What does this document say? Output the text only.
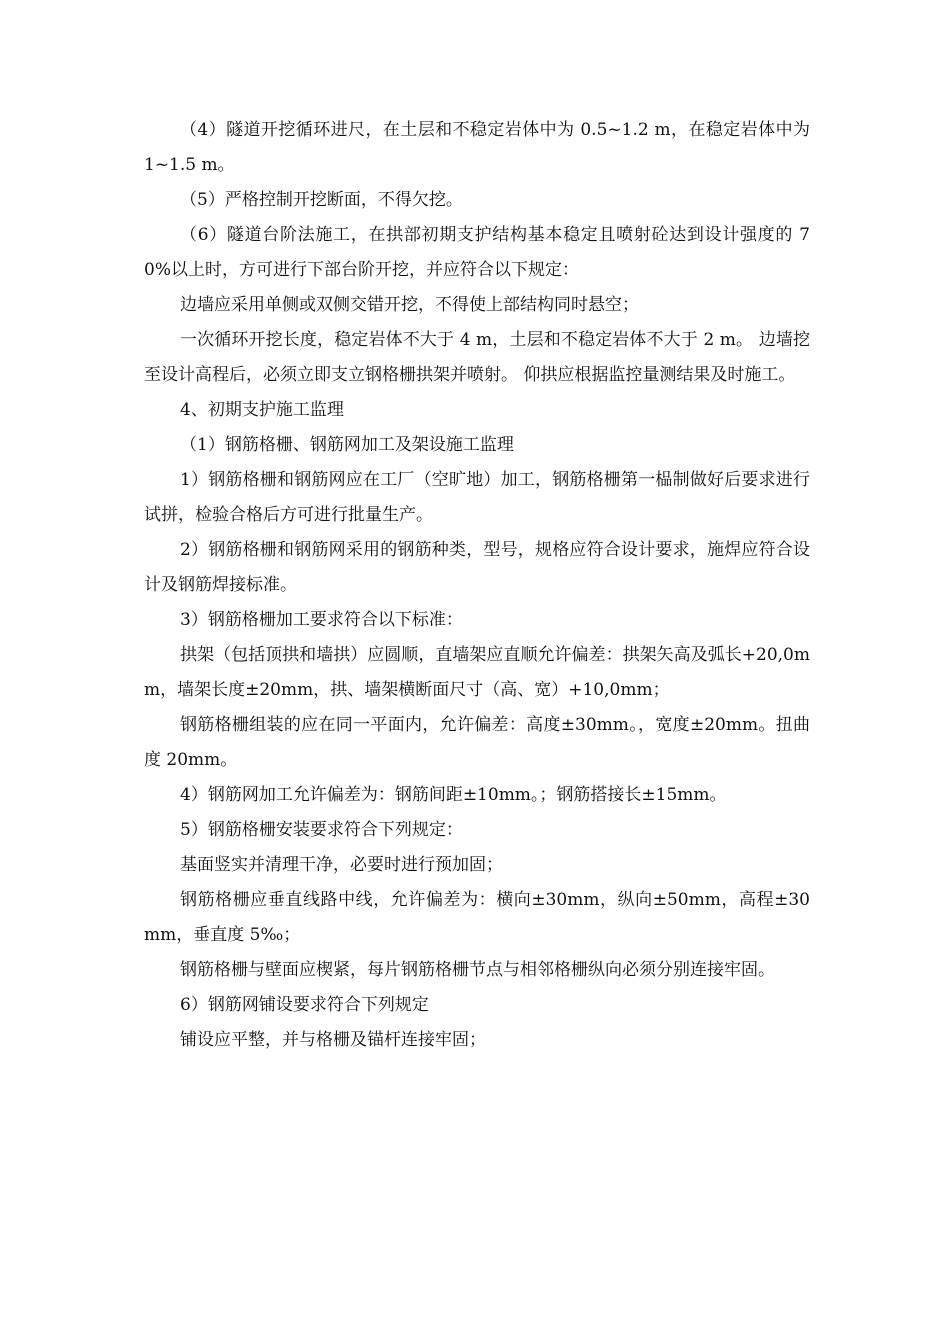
（4）隧道开挖循环进尺，在土层和不稳定岩体中为 0.5~1.2 m，在稳定岩体中为 1~1.5 m。

（5）严格控制开挖断面，不得欠挖。

（6）隧道台阶法施工，在拱部初期支护结构基本稳定且喷射砼达到设计强度的 70%以上时，方可进行下部台阶开挖，并应符合以下规定：

边墙应采用单侧或双侧交错开挖，不得使上部结构同时悬空；

一次循环开挖长度，稳定岩体不大于 4 m，土层和不稳定岩体不大于 2 m。 边墙挖至设计高程后，必须立即支立钢格栅拱架并喷射。 仰拱应根据监控量测结果及时施工。

4、初期支护施工监理

（1）钢筋格栅、钢筋网加工及架设施工监理

1）钢筋格栅和钢筋网应在工厂（空旷地）加工，钢筋格栅第一榀制做好后要求进行试拼，检验合格后方可进行批量生产。

2）钢筋格栅和钢筋网采用的钢筋种类，型号，规格应符合设计要求，施焊应符合设计及钢筋焊接标准。

3）钢筋格栅加工要求符合以下标准：

拱架（包括顶拱和墙拱）应圆顺，直墙架应直顺允许偏差：拱架矢高及弧长+20,0mm，墙架长度±20mm，拱、墙架横断面尺寸（高、宽）+10,0mm；

钢筋格栅组装的应在同一平面内，允许偏差：高度±30mm。，宽度±20mm。扭曲度 20mm。

4）钢筋网加工允许偏差为：钢筋间距±10mm。；钢筋搭接长±15mm。

5）钢筋格栅安装要求符合下列规定：

基面竖实并清理干净，必要时进行预加固；

钢筋格栅应垂直线路中线，允许偏差为：横向±30mm，纵向±50mm，高程±30mm，垂直度 5‰；

钢筋格栅与壁面应楔紧，每片钢筋格栅节点与相邻格栅纵向必须分别连接牢固。

6）钢筋网铺设要求符合下列规定

铺设应平整，并与格栅及锚杆连接牢固；
